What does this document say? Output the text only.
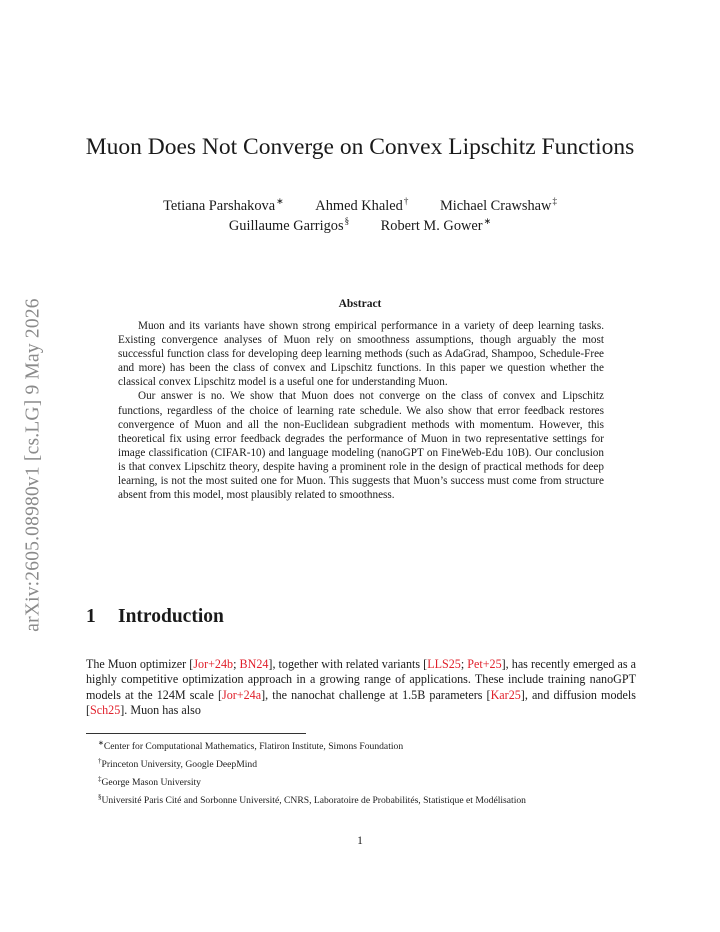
arXiv:2605.08980v1 [cs.LG] 9 May 2026
Muon Does Not Converge on Convex Lipschitz Functions
Tetiana Parshakova∗ Ahmed Khaled† Michael Crawshaw‡
Guillaume Garrigos§ Robert M. Gower∗
Abstract

Muon and its variants have shown strong empirical performance in a variety of deep learning tasks. Existing convergence analyses of Muon rely on smoothness assumptions, though arguably the most successful function class for developing deep learning methods (such as AdaGrad, Shampoo, Schedule-Free and more) has been the class of convex and Lipschitz functions. In this paper we question whether the classical convex Lipschitz model is a useful one for understanding Muon.

Our answer is no. We show that Muon does not converge on the class of convex and Lipschitz functions, regardless of the choice of learning rate schedule. We also show that error feedback restores convergence of Muon and all the non-Euclidean subgradient methods with momentum. However, this theoretical fix using error feedback degrades the performance of Muon in two representative settings for image classification (CIFAR-10) and language modeling (nanoGPT on FineWeb-Edu 10B). Our conclusion is that convex Lipschitz theory, despite having a prominent role in the design of practical methods for deep learning, is not the most suited one for Muon. This suggests that Muon’s success must come from structure absent from this model, most plausibly related to smoothness.

1 Introduction

The Muon optimizer [Jor+24b; BN24], together with related variants [LLS25; Pet+25], has recently emerged as a highly competitive optimization approach in a growing range of applications. These include training nanoGPT models at the 124M scale [Jor+24a], the nanochat challenge at 1.5B parameters [Kar25], and diffusion models [Sch25]. Muon has also

∗Center for Computational Mathematics, Flatiron Institute, Simons Foundation

†Princeton University, Google DeepMind

‡George Mason University

§Université Paris Cité and Sorbonne Université, CNRS, Laboratoire de Probabilités, Statistique et Modélisation

1
